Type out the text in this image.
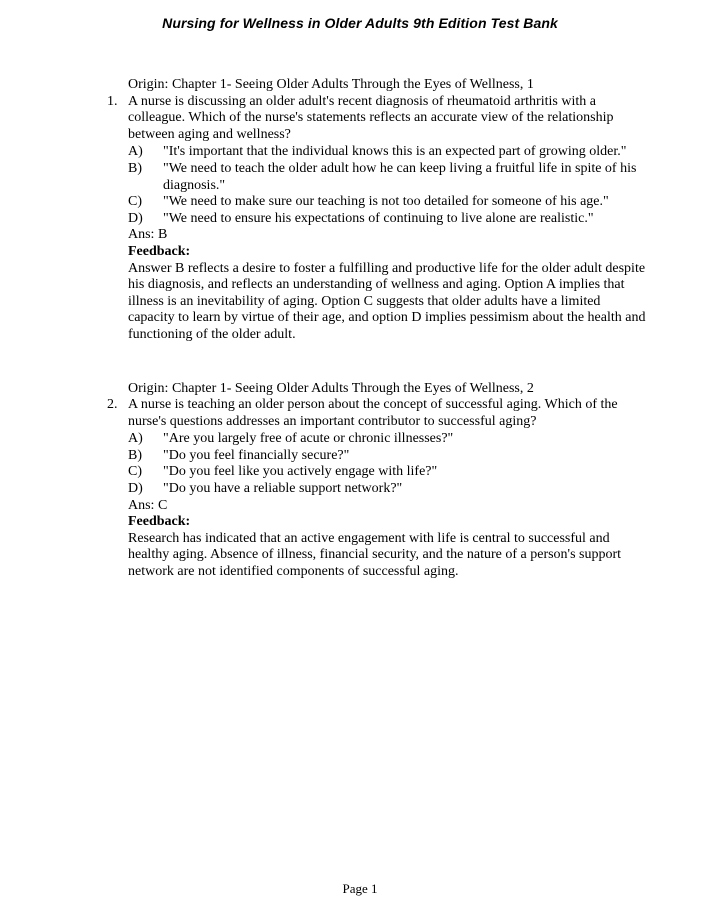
Nursing for Wellness in Older Adults 9th Edition Test Bank
Origin: Chapter 1- Seeing Older Adults Through the Eyes of Wellness, 1
1. A nurse is discussing an older adult's recent diagnosis of rheumatoid arthritis with a colleague. Which of the nurse's statements reflects an accurate view of the relationship between aging and wellness?
A)	"It's important that the individual knows this is an expected part of growing older."
B)	"We need to teach the older adult how he can keep living a fruitful life in spite of his diagnosis."
C)	"We need to make sure our teaching is not too detailed for someone of his age."
D)	"We need to ensure his expectations of continuing to live alone are realistic."
Ans: B
Feedback:
Answer B reflects a desire to foster a fulfilling and productive life for the older adult despite his diagnosis, and reflects an understanding of wellness and aging. Option A implies that illness is an inevitability of aging. Option C suggests that older adults have a limited capacity to learn by virtue of their age, and option D implies pessimism about the health and functioning of the older adult.
Origin: Chapter 1- Seeing Older Adults Through the Eyes of Wellness, 2
2. A nurse is teaching an older person about the concept of successful aging. Which of the nurse's questions addresses an important contributor to successful aging?
A)	"Are you largely free of acute or chronic illnesses?"
B)	"Do you feel financially secure?"
C)	"Do you feel like you actively engage with life?"
D)	"Do you have a reliable support network?"
Ans: C
Feedback:
Research has indicated that an active engagement with life is central to successful and healthy aging. Absence of illness, financial security, and the nature of a person's support network are not identified components of successful aging.
Page 1
